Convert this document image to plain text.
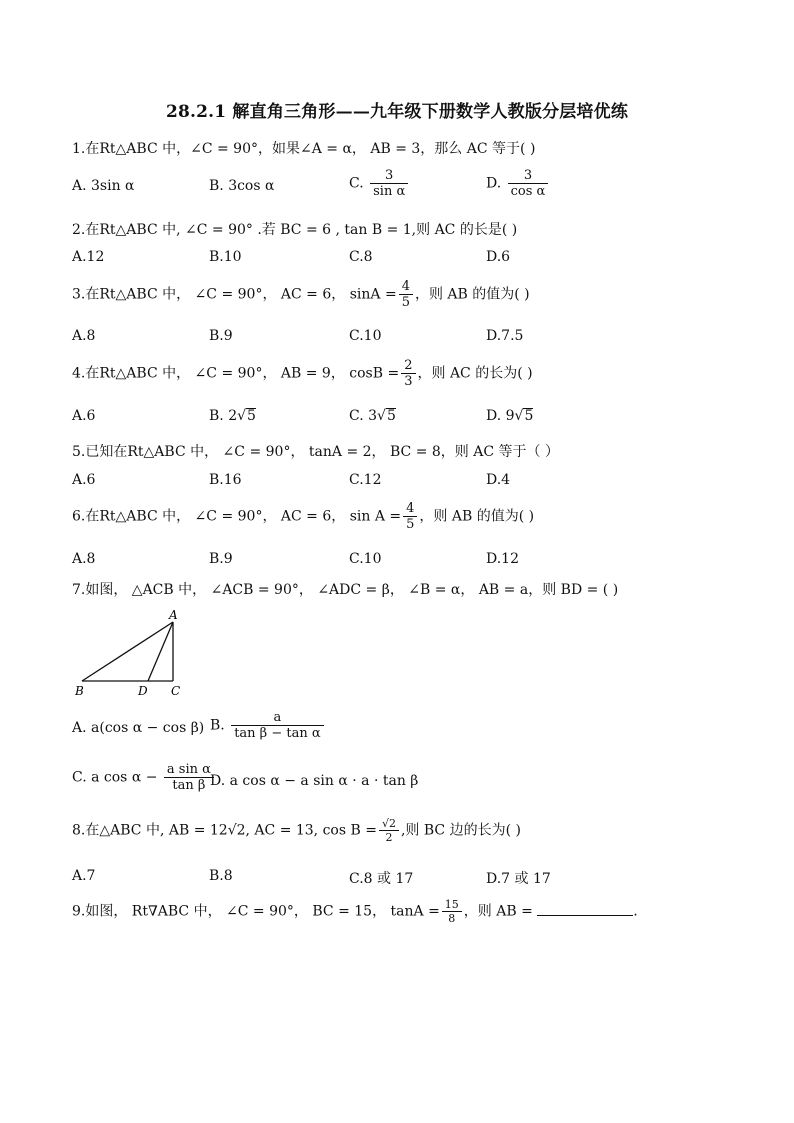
28.2.1 解直角三角形——九年级下册数学人教版分层培优练
1.在Rt△ABC 中，∠C = 90°，如果∠A = α， AB = 3，那么 AC 等于( )
A. 3sin α	B. 3cos α	C. $\frac{3}{\text{sin α}}$	D. $\frac{3}{\text{cos α}}$
2.在Rt△ABC 中, ∠C = 90° .若 BC = 6 , tan B = 1,则 AC 的长是( )
A.12	B.10	C.8	D.6
3.在Rt△ABC 中， ∠C = 90°， AC = 6， $\sin A = \frac{4}{5}$ ，则 AB 的值为( )
A.8	B.9	C.10	D.7.5
4.在Rt△ABC 中， ∠C = 90°， AB = 9， $\cos B = \frac{2}{3}$ ，则 AC 的长为( )
A.6	B. 2√5	C. 3√5	D. 9√5
5.已知在Rt△ABC 中， ∠C = 90°， tanA = 2， BC = 8，则 AC 等于（ ）
A.6	B.16	C.12	D.4
6.在Rt△ABC 中， ∠C = 90°， AC = 6， $\sin A = \frac{4}{5}$ ，则 AB 的值为( )
A.8	B.9	C.10	D.12
7.如图， △ACB 中， ∠ACB = 90°， ∠ADC = β， ∠B = α， AB = a，则 BD = ( )
A
B	D C
A. a(cos α − cos β) B. $\frac{a}{\text{tan β − tan α}}$
C. a $\cos \alpha - \frac{\text{a sin α}}{\text{tan β}}$
D. a cos α − a sin α · a · tan β
8.在△ABC 中, AB = 12√2, AC = 13, $\cos B = \frac{√2}{2}$ ,则 BC 边的长为( )
A.7	B.8	C.8 或 17	D.7 或 17
9.如图， Rt∇ABC 中， ∠C = 90°， BC = 15， $\tan A = \frac{15}{8}$ ，则 AB =	.
